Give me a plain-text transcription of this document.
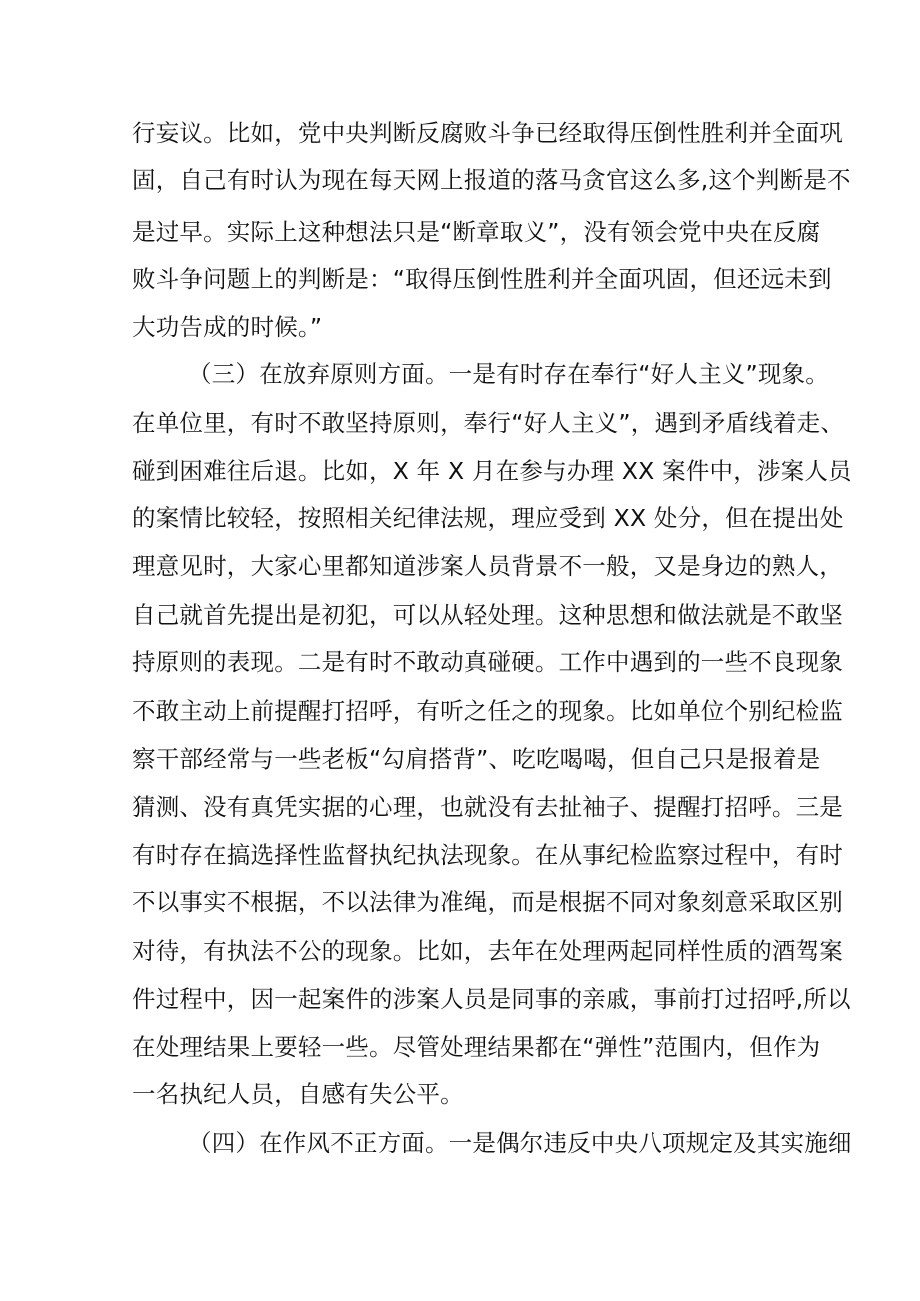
行妄议。比如，党中央判断反腐败斗争已经取得压倒性胜利并全面巩
固，自己有时认为现在每天网上报道的落马贪官这么多,这个判断是不
是过早。实际上这种想法只是“断章取义”，没有领会党中央在反腐
败斗争问题上的判断是：“取得压倒性胜利并全面巩固，但还远未到
大功告成的时候。”
（三）在放弃原则方面。一是有时存在奉行“好人主义”现象。
在单位里，有时不敢坚持原则，奉行“好人主义”，遇到矛盾线着走、
碰到困难往后退。比如，X 年 X 月在参与办理 XX 案件中，涉案人员
的案情比较轻，按照相关纪律法规，理应受到 XX 处分，但在提出处
理意见时，大家心里都知道涉案人员背景不一般，又是身边的熟人，
自己就首先提出是初犯，可以从轻处理。这种思想和做法就是不敢坚
持原则的表现。二是有时不敢动真碰硬。工作中遇到的一些不良现象
不敢主动上前提醒打招呼，有听之任之的现象。比如单位个别纪检监
察干部经常与一些老板“勾肩搭背”、吃吃喝喝，但自己只是报着是
猜测、没有真凭实据的心理，也就没有去扯袖子、提醒打招呼。三是
有时存在搞选择性监督执纪执法现象。在从事纪检监察过程中，有时
不以事实不根据，不以法律为准绳，而是根据不同对象刻意采取区别
对待，有执法不公的现象。比如，去年在处理两起同样性质的酒驾案
件过程中，因一起案件的涉案人员是同事的亲戚，事前打过招呼,所以
在处理结果上要轻一些。尽管处理结果都在“弹性”范围内，但作为
一名执纪人员，自感有失公平。
（四）在作风不正方面。一是偶尔违反中央八项规定及其实施细
